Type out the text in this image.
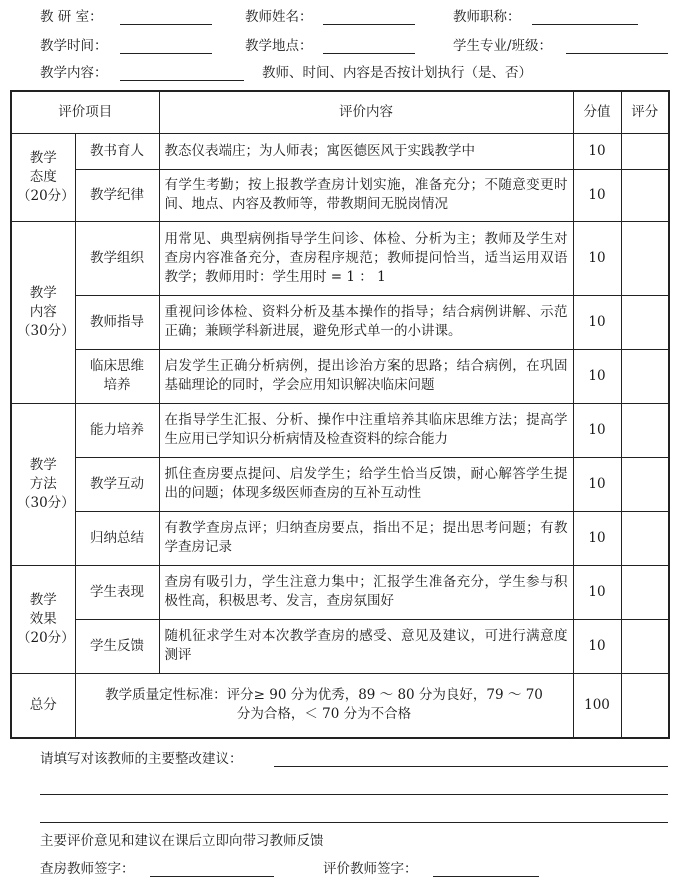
教 研 室：	教师姓名：	教师职称：
教学时间：	教学地点：	学生专业/班级：
教学内容：	教师、时间、内容是否按计划执行（是、否）
评价项目		评价内容	分值	评分

教学
态度
（20分）	教书育人	教态仪表端庄；为人师表；寓医德医风于实践教学中	10	
	教学纪律	有学生考勤；按上报教学查房计划实施，准备充分；不随意变更时间、地点、内容及教师等，带教期间无脱岗情况	10	

教学
内容
（30分）	教学组织	用常见、典型病例指导学生问诊、体检、分析为主；教师及学生对查房内容准备充分，查房程序规范；教师提问恰当，适当运用双语教学；教师用时：学生用时 = 1 ： 1	10	
	教师指导	重视问诊体检、资料分析及基本操作的指导；结合病例讲解、示范正确；兼顾学科新进展，避免形式单一的小讲课。	10	

	临床思维
培养	启发学生正确分析病例，提出诊治方案的思路；结合病例，在巩固基础理论的同时，学会应用知识解决临床问题	10	

教学
方法
（30分）	能力培养	在指导学生汇报、分析、操作中注重培养其临床思维方法；提高学生应用已学知识分析病情及检查资料的综合能力	10	
	教学互动	抓住查房要点提问、启发学生；给学生恰当反馈，耐心解答学生提出的问题；体现多级医师查房的互补互动性	10	
	归纳总结	有教学查房点评；归纳查房要点，指出不足；提出思考问题；有教学查房记录	10	

教学
效果
（20分）	学生表现	查房有吸引力，学生注意力集中；汇报学生准备充分，学生参与积极性高，积极思考、发言，查房氛围好	10	
	学生反馈	随机征求学生对本次教学查房的感受、意见及建议，可进行满意度测评	10	
总分	教学质量定性标准：评分≥ 90 分为优秀，89 ～ 80 分为良好，79 ～ 70
分为合格，＜ 70 分为不合格		100	
请填写对该教师的主要整改建议：
主要评价意见和建议在课后立即向带习教师反馈
查房教师签字：	评价教师签字：
